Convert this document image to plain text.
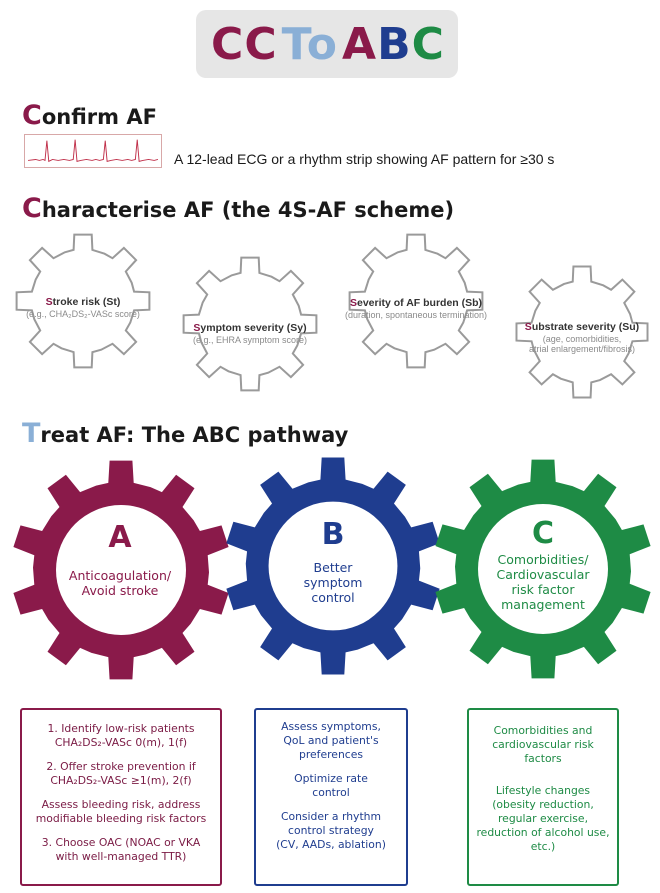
CC To ABC
Confirm AF
A 12-lead ECG or a rhythm strip showing AF pattern for ≥30 s
Characterise AF (the 4S-AF scheme)
Stroke risk (St)
(e.g., CHA₂DS₂-VASc score)
Symptom severity (Sy)
(e.g., EHRA symptom score)
Severity of AF burden (Sb)
(duration, spontaneous termination)
Substrate severity (Su)
(age, comorbidities,
atrial enlargement/fibrosis)
Treat AF: The ABC pathway
A
Anticoagulation/
Avoid stroke
B
Better
symptom
control
C
Comorbidities/
Cardiovascular
risk factor
management

1. Identify low-risk patients
CHA₂DS₂-VASc 0(m), 1(f)

2. Offer stroke prevention if
CHA₂DS₂-VASc ≥1(m), 2(f)

Assess bleeding risk, address
modifiable bleeding risk factors

3. Choose OAC (NOAC or VKA
with well-managed TTR)

Assess symptoms,
QoL and patient's
preferences

Optimize rate
control

Consider a rhythm
control strategy
(CV, AADs, ablation)

Comorbidities and
cardiovascular risk
factors

Lifestyle changes
(obesity reduction,
regular exercise,
reduction of alcohol use,
etc.)
